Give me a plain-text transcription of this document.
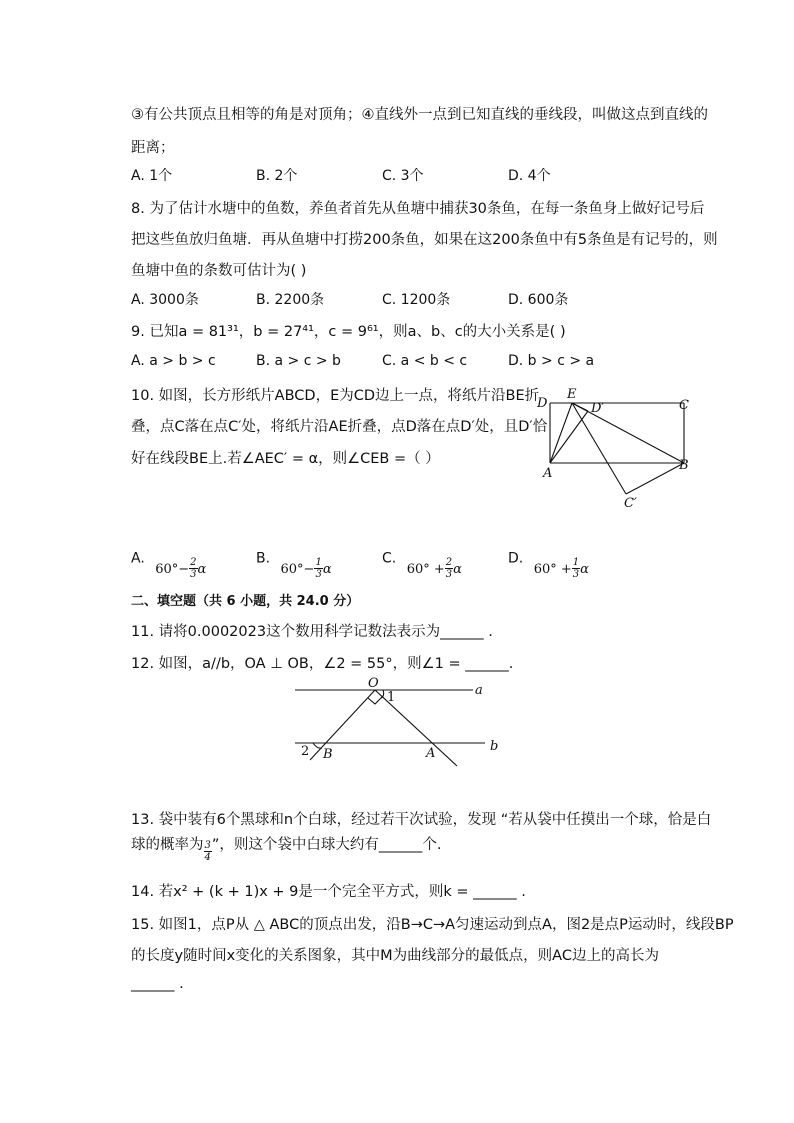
③有公共顶点且相等的角是对顶角；④直线外一点到已知直线的垂线段，叫做这点到直线的
距离；
A. 1个	B. 2个	C. 3个	D. 4个
8. 为了估计水塘中的鱼数，养鱼者首先从鱼塘中捕获30条鱼，在每一条鱼身上做好记号后
把这些鱼放归鱼塘．再从鱼塘中打捞200条鱼，如果在这200条鱼中有5条鱼是有记号的，则
鱼塘中鱼的条数可估计为( )
A. 3000条	B. 2200条	C. 1200条	D. 600条
9. 已知a = 81³¹，b = 27⁴¹，c = 9⁶¹，则a、b、c的大小关系是( )
A. a > b > c	B. a > c > b	C. a < b < c	D. b > c > a
10. 如图，长方形纸片ABCD，E为CD边上一点，将纸片沿BE折
叠，点C落在点C′处，将纸片沿AE折叠，点D落在点D′处，且D′恰
好在线段BE上.若∠AEC′ = α，则∠CEB =（ ）
D
E
D′	C
A
B
C′
A. $60^\circ- \frac{2}{3}$ α
B. $60^\circ- \frac{1}{3}$ α
C. $60^\circ + \frac{2}{3}$ α
D. $60^\circ + \frac{1}{3}$ α
二、填空题（共 6 小题，共 24.0 分）
11. 请将0.0002023这个数用科学记数法表示为______ .
12. 如图，a//b，OA ⊥ OB，∠2 = 55°，则∠1 = ______.
O	a
1
2 B	A	b
13. 袋中装有6个黑球和n个白球，经过若干次试验，发现 “若从袋中任摸出一个球，恰是白
球的概率为 $\frac{3}{4}$ ”，则这个袋中白球大约有______个.
14. 若x² + (k + 1)x + 9是一个完全平方式，则k = ______ .
15. 如图1，点P从 △ ABC的顶点出发，沿B→C→A匀速运动到点A，图2是点P运动时，线段BP
的长度y随时间x变化的关系图象，其中M为曲线部分的最低点，则AC边上的高长为
______ .
